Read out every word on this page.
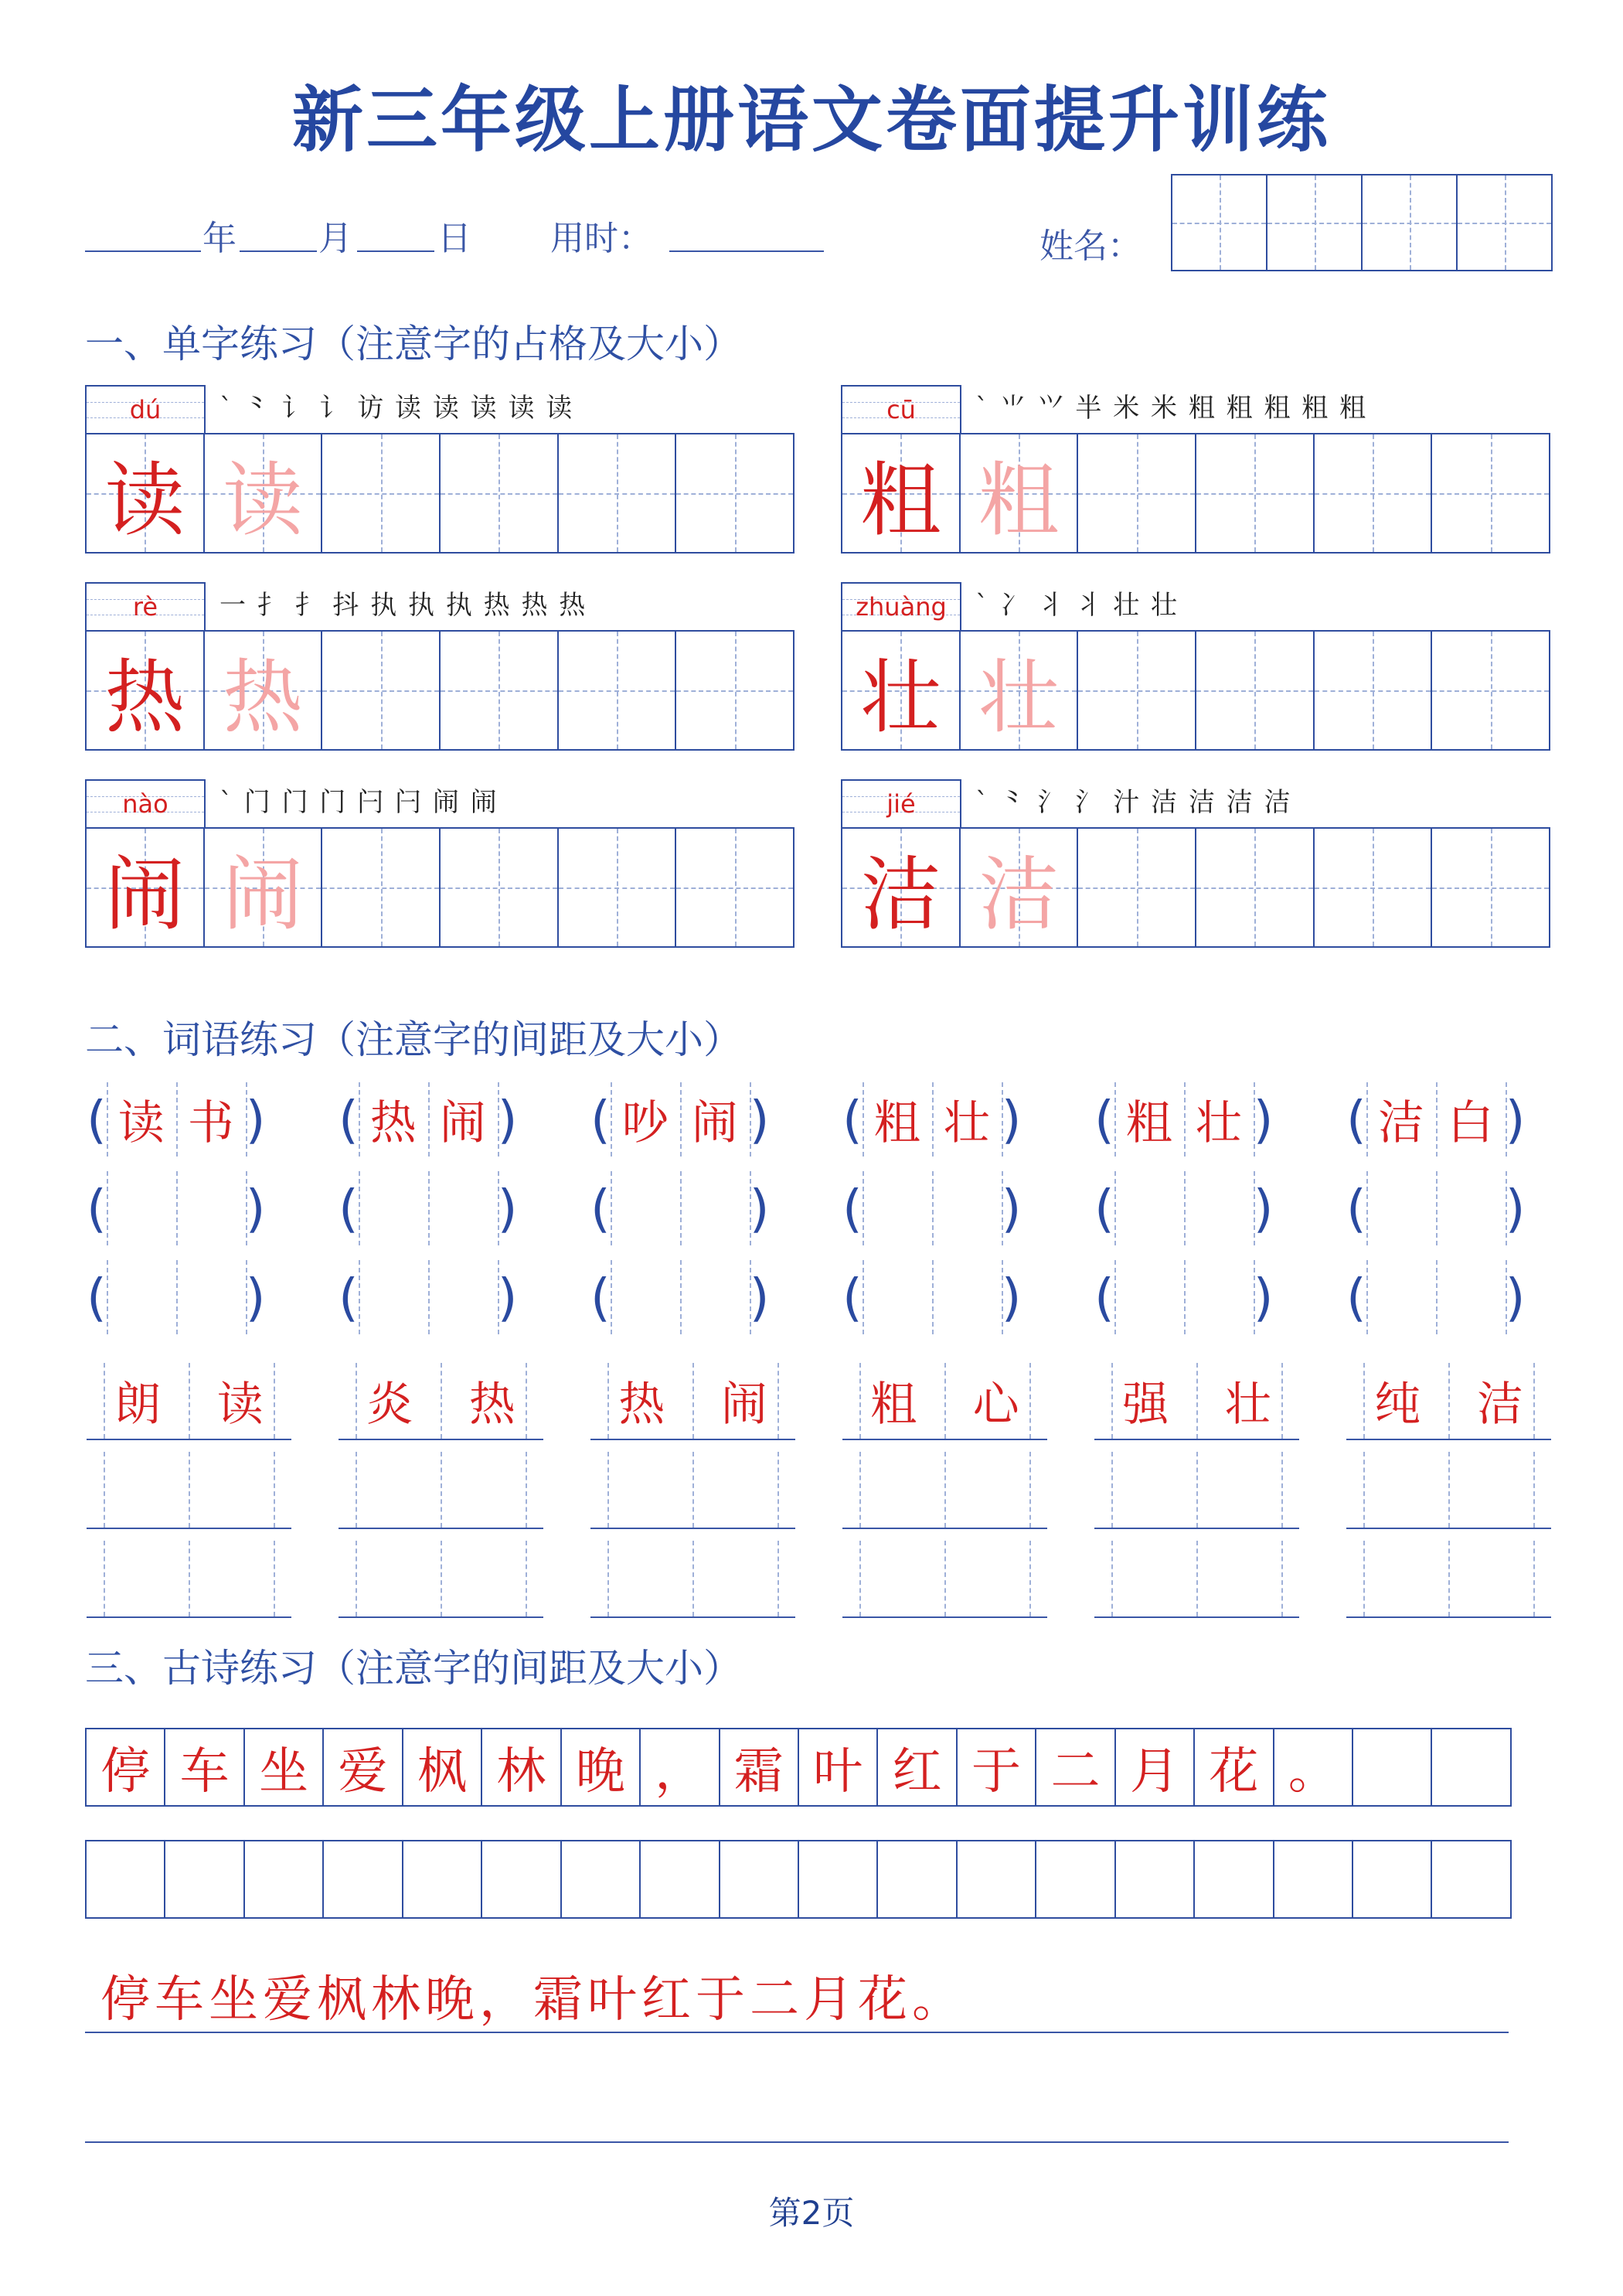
新三年级上册语文卷面提升训练
年 月	日 用时：	姓名：
一、单字练习（注意字的占格及大小）
dú	` ⺀ 讠 讠 访 读 读 读 读 读
读 读
cū	` ⺌ ⺍ 半 米 米 粗 粗 粗 粗 粗
粗 粗
rè	一 扌 扌 抖 执 执 执 热 热 热
热 热
zhuàng	` 冫 丬 丬 壮 壮
壮 壮
nào	` 门 门 门 闩 闩 闹 闹
闹 闹
jié	` ⺀ 氵 氵 汁 洁 洁 洁 洁
洁 洁
二、词语练习（注意字的间距及大小）
( 读 书 ) ( 热 闹 ) ( 吵 闹 ) ( 粗 壮 ) ( 粗 壮 ) ( 洁 白 )
(	) (	) (	) (	) (	) (	)
(	) (	) (	) (	) (	) (	)
朗	读	炎	热	热	闹	粗	心	强	壮	纯	洁
三、古诗练习（注意字的间距及大小）
停 车 坐 爱 枫 林 晚 ， 霜 叶 红 于 二 月 花 。
停车坐爱枫林晚，霜叶红于二月花。
第2页
